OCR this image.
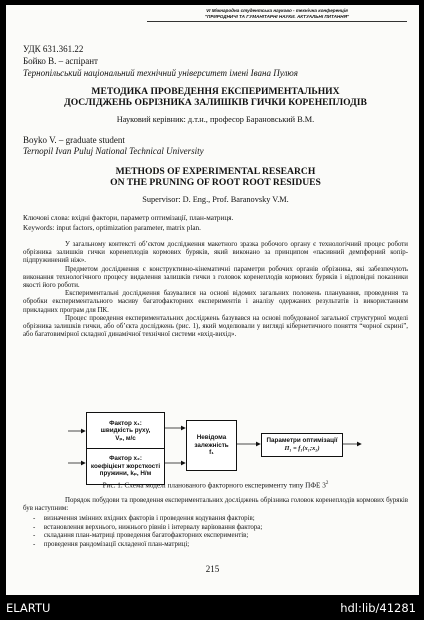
VI Міжнародна студентська науково - технічна конференція
"ПРИРОДНИЧІ ТА ГУМАНІТАРНІ НАУКИ. АКТУАЛЬНІ ПИТАННЯ"
УДК 631.361.22
Бойко В. – аспірант
Тернопільський національний технічний університет імені Івана Пулюя
МЕТОДИКА ПРОВЕДЕННЯ ЕКСПЕРИМЕНТАЛЬНИХ
ДОСЛІДЖЕНЬ ОБРІЗНИКА ЗАЛИШКІВ ГИЧКИ КОРЕНЕПЛОДІВ
Науковий керівник: д.т.н., професор Барановський В.М.
Boyko V. – graduate student
Ternopil Ivan Puluj National Technical University
METHODS OF EXPERIMENTAL RESEARCH
ON THE PRUNING OF ROOT ROOT RESIDUES
Supervisor: D. Eng., Prof. Baranovsky V.M.
Ключові слова: вхідні фактори, параметр оптимізації, план-матриця.
Keywords: input factors, optimization parameter, matrix plan.

У загальному контексті об’єктом дослідження макетного зразка робочого органу є технологічний процес роботи обрізника залишків гички коренеплодів кормових буряків, який виконано за принципом «пасивний демпферний копір-підпружинений ніж».

Предметом дослідження є конструктивно-кінематичні параметри робочих органів обрізника, які забезпечують виконання технологічного процесу видалення залишків гички з головок коренеплодів кормових буряків і відповідні показники якості його роботи.

Експериментальні дослідження базувалися на основі відомих загальних положень планування, проведення та обробки експериментального масиву багатофакторних експериментів і аналізу одержаних результатів із використанням прикладних програм для ПК.

Процес проведення експериментальних досліджень базувався на основі побудованої загальної структурної моделі обрізника залишків гички, або об’єкта досліджень (рис. 1), який моделювали у вигляді кібернетичного поняття “чорної скрині”, або багатовимірної складної динамічної технічної системи «вхід-вихід».

Фактор x₁:
швидкість руху,
Vₚ, м/с
Фактор x₂:
коефіцієнт жорсткості
пружини, kₚ, Н/м
Невідома
залежність
f₁
Параметри оптимізації
Π₁ = f₁(x₁;x₂)
Рис. 1. Схема моделі планованого факторного експерименту типу ПФЕ $3^2$

Порядок побудови та проведення експериментальних досліджень обрізника головок коренеплодів кормових буряків був наступним:

-     визначення змінних вхідних факторів і проведення кодування факторів;
-     встановлення верхнього, нижнього рівнів і інтервалу варіювання фактора;
-     складання план-матриці проведення багатофакторних експериментів;
-     проведення рандомізації складеної план-матриці;
215
ELARTU	hdl:lib/41281
